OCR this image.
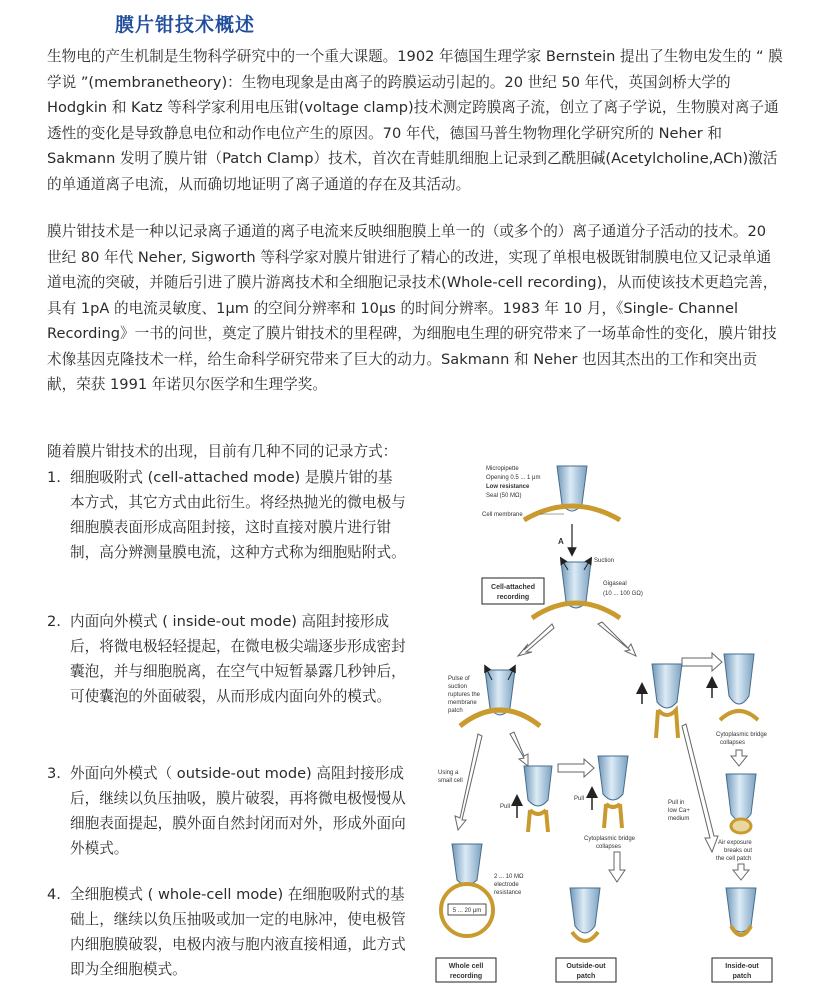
膜片钳技术概述

生物电的产生机制是生物科学研究中的一个重大课题。1902 年德国生理学家 Bernstein 提出了生物电发生的 “ 膜学说 ”(membranetheory)：生物电现象是由离子的跨膜运动引起的。20 世纪 50 年代，英国剑桥大学的 Hodgkin 和 Katz 等科学家利用电压钳(voltage clamp)技术测定跨膜离子流，创立了离子学说，生物膜对离子通透性的变化是导致静息电位和动作电位产生的原因。70 年代，德国马普生物物理化学研究所的 Neher 和 Sakmann 发明了膜片钳（Patch Clamp）技术，首次在青蛙肌细胞上记录到乙酰胆碱(Acetylcholine,ACh)激活的单通道离子电流，从而确切地证明了离子通道的存在及其活动。

膜片钳技术是一种以记录离子通道的离子电流来反映细胞膜上单一的（或多个的）离子通道分子活动的技术。20 世纪 80 年代 Neher, Sigworth 等科学家对膜片钳进行了精心的改进，实现了单根电极既钳制膜电位又记录单通道电流的突破，并随后引进了膜片游离技术和全细胞记录技术(Whole-cell recording)，从而使该技术更趋完善，具有 1pA 的电流灵敏度、1μm 的空间分辨率和 10μs 的时间分辨率。1983 年 10 月，《Single- Channel Recording》一书的问世，奠定了膜片钳技术的里程碑，为细胞电生理的研究带来了一场革命性的变化，膜片钳技术像基因克隆技术一样，给生命科学研究带来了巨大的动力。Sakmann 和 Neher 也因其杰出的工作和突出贡献，荣获 1991 年诺贝尔医学和生理学奖。

随着膜片钳技术的出现，目前有几种不同的记录方式：
1. 细胞吸附式 (cell-attached mode) 是膜片钳的基本方式，其它方式由此衍生。将经热抛光的微电极与细胞膜表面形成高阻封接，这时直接对膜片进行钳制，高分辨测量膜电流，这种方式称为细胞贴附式。
2. 内面向外模式 ( inside-out mode) 高阻封接形成后，将微电极轻轻提起，在微电极尖端逐步形成密封囊泡，并与细胞脱离，在空气中短暂暴露几秒钟后，可使囊泡的外面破裂，从而形成内面向外的模式。
3. 外面向外模式（ outside-out mode) 高阻封接形成后，继续以负压抽吸，膜片破裂，再将微电极慢慢从细胞表面提起，膜外面自然封闭而对外，形成外面向外模式。
4. 全细胞模式 ( whole-cell mode) 在细胞吸附式的基础上，继续以负压抽吸或加一定的电脉冲，使电极管内细胞膜破裂，电极内液与胞内液直接相通，此方式即为全细胞模式。
Micropipette
Opening 0.5 ... 1 μm
Low resistance
Seal (50 MΩ)
Cell membrane
A
Suction
Gigaseal
(10 ... 100 GΩ)
Cell-attached
recording
Pulse of
suction
ruptures the
membrane
patch
Cytoplasmic bridge
collapses
Using a
small cell
Pull
Pull
Cytoplasmic bridge
collapses
Pull in
low Ca+
medium
Air exposure
breaks out
the cell patch
5 ... 20 μm
2 ... 10 MΩ
electrode
resistance
Whole cell
recording
Outside-out
patch
Inside-out
patch
